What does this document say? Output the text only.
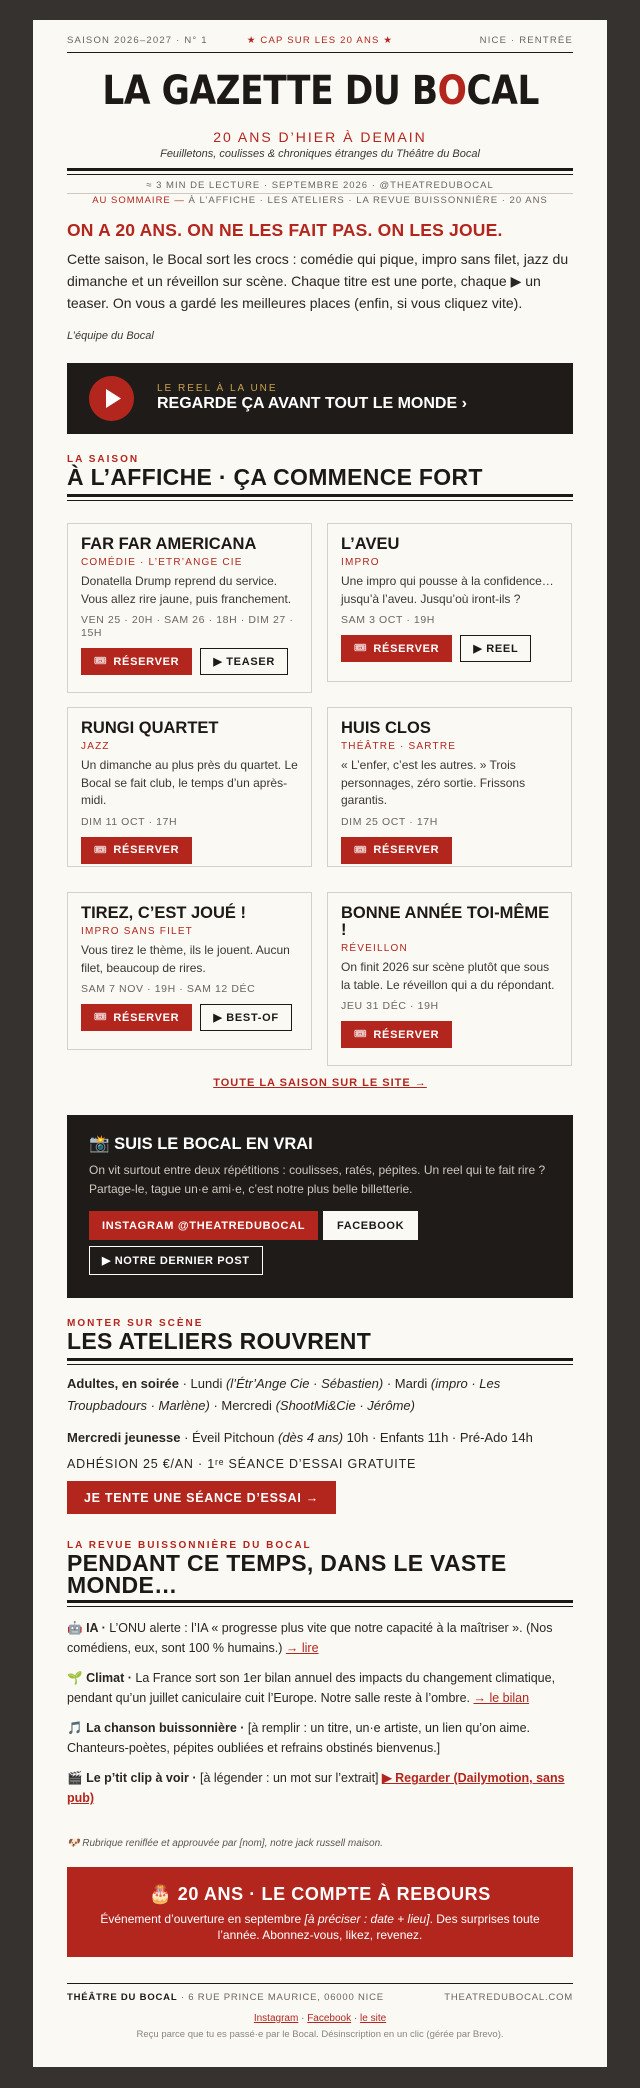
SAISON 2026–2027 · N° 1	★ CAP SUR LES 20 ANS ★	NICE · RENTRÉE
LA GAZETTE DU BOCAL
20 ANS D’HIER À DEMAIN
Feuilletons, coulisses & chroniques étranges du Théâtre du Bocal
≈ 3 MIN DE LECTURE · SEPTEMBRE 2026 · @THEATREDUBOCAL
AU SOMMAIRE — À L’AFFICHE · LES ATELIERS · LA REVUE BUISSONNIÈRE · 20 ANS
ON A 20 ANS. ON NE LES FAIT PAS. ON LES JOUE.
Cette saison, le Bocal sort les crocs : comédie qui pique, impro sans filet, jazz du dimanche et un réveillon sur scène. Chaque titre est une porte, chaque ▶ un teaser. On vous a gardé les meilleures places (enfin, si vous cliquez vite).
L’équipe du Bocal
LE REEL À LA UNE
REGARDE ÇA AVANT TOUT LE MONDE ›
LA SAISON
À L’AFFICHE · ÇA COMMENCE FORT
FAR FAR AMERICANA
COMÉDIE · L’ETR’ANGE CIE
Donatella Drump reprend du service. Vous allez rire jaune, puis franchement.
VEN 25 · 20H · SAM 26 · 18H · DIM 27 · 15H
🎟 RÉSERVER	▶ TEASER
L’AVEU
IMPRO
Une impro qui pousse à la confidence… jusqu’à l’aveu. Jusqu’où iront-ils ?
SAM 3 OCT · 19H
🎟 RÉSERVER	▶ REEL
RUNGI QUARTET
JAZZ
Un dimanche au plus près du quartet. Le Bocal se fait club, le temps d’un après-midi.
DIM 11 OCT · 17H
🎟 RÉSERVER
HUIS CLOS
THÉÂTRE · SARTRE
« L’enfer, c’est les autres. » Trois personnages, zéro sortie. Frissons garantis.
DIM 25 OCT · 17H
🎟 RÉSERVER
TIREZ, C’EST JOUÉ !
IMPRO SANS FILET
Vous tirez le thème, ils le jouent. Aucun filet, beaucoup de rires.
SAM 7 NOV · 19H · SAM 12 DÉC
🎟 RÉSERVER	▶ BEST-OF
BONNE ANNÉE TOI-MÊME !
RÉVEILLON
On finit 2026 sur scène plutôt que sous la table. Le réveillon qui a du répondant.
JEU 31 DÉC · 19H
🎟 RÉSERVER
TOUTE LA SAISON SUR LE SITE →
📸 SUIS LE BOCAL EN VRAI
On vit surtout entre deux répétitions : coulisses, ratés, pépites. Un reel qui te fait rire ? Partage-le, tague un·e ami·e, c’est notre plus belle billetterie.
INSTAGRAM @THEATREDUBOCAL	FACEBOOK
▶ NOTRE DERNIER POST
MONTER SUR SCÈNE
LES ATELIERS ROUVRENT
Adultes, en soirée · Lundi (l’Étr’Ange Cie · Sébastien) · Mardi (impro · Les Troupbadours · Marlène) · Mercredi (ShootMi&Cie · Jérôme)
Mercredi jeunesse · Éveil Pitchoun (dès 4 ans) 10h · Enfants 11h · Pré-Ado 14h
ADHÉSION 25 €/AN · 1ʳᵉ SÉANCE D’ESSAI GRATUITE
JE TENTE UNE SÉANCE D’ESSAI →
LA REVUE BUISSONNIÈRE DU BOCAL
PENDANT CE TEMPS, DANS LE VASTE MONDE…

🤖 IA · L’ONU alerte : l’IA « progresse plus vite que notre capacité à la maîtriser ». (Nos comédiens, eux, sont 100 % humains.) → lire

🌱 Climat · La France sort son 1er bilan annuel des impacts du changement climatique, pendant qu’un juillet caniculaire cuit l’Europe. Notre salle reste à l’ombre. → le bilan

🎵 La chanson buissonnière · [à remplir : un titre, un·e artiste, un lien qu’on aime. Chanteurs-poètes, pépites oubliées et refrains obstinés bienvenus.]

🎬 Le p’tit clip à voir · [à légender : un mot sur l’extrait] ▶ Regarder (Dailymotion, sans pub)

🐶 Rubrique reniflée et approuvée par [nom], notre jack russell maison.
🎂 20 ANS · LE COMPTE À REBOURS
Événement d’ouverture en septembre [à préciser : date + lieu]. Des surprises toute l’année. Abonnez-vous, likez, revenez.
THÉÂTRE DU BOCAL · 6 RUE PRINCE MAURICE, 06000 NICE	THEATREDUBOCAL.COM
Instagram · Facebook · le site
Reçu parce que tu es passé·e par le Bocal. Désinscription en un clic (gérée par Brevo).
